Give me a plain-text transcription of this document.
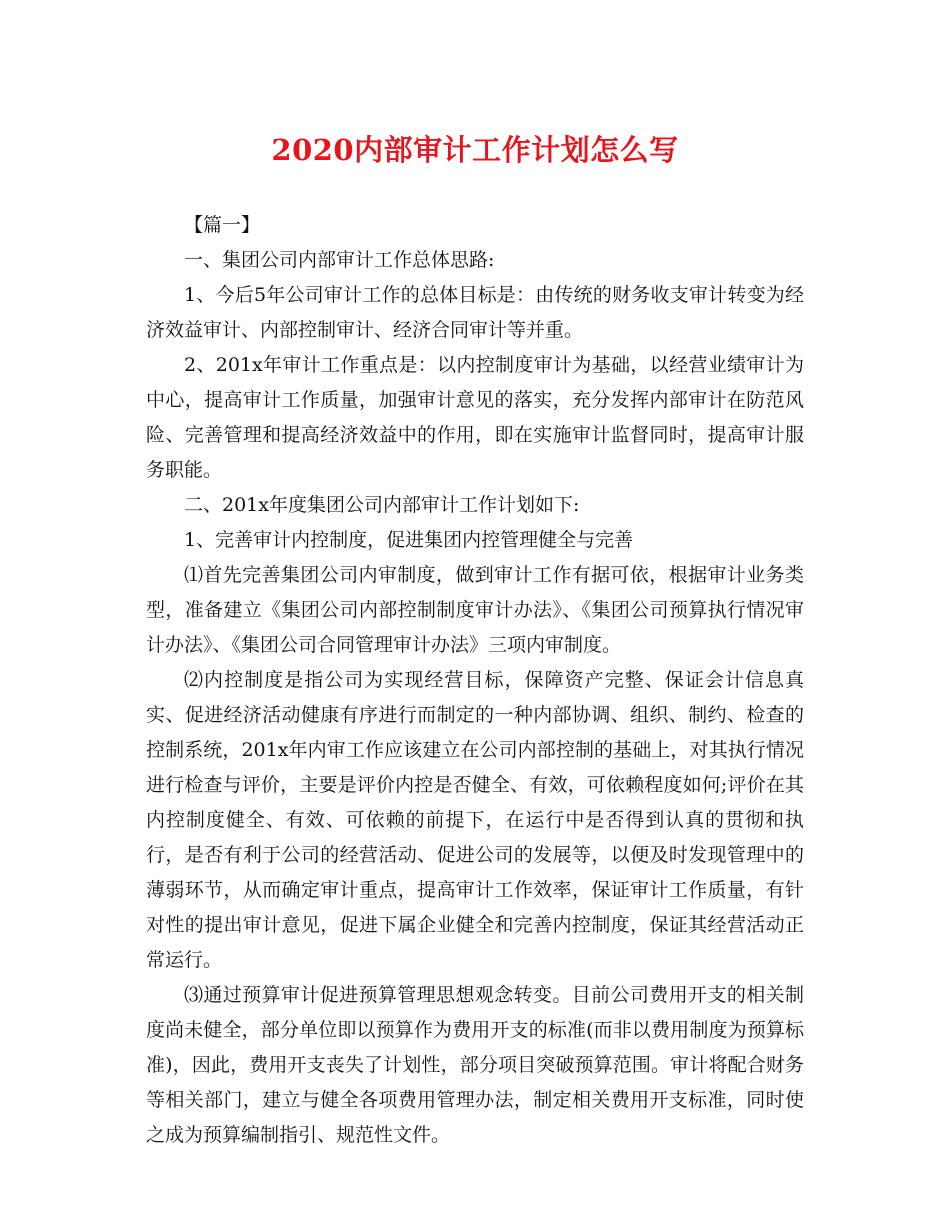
2020内部审计工作计划怎么写

【篇一】

一、集团公司内部审计工作总体思路:

1、今后5年公司审计工作的总体目标是：由传统的财务收支审计转变为经济效益审计、内部控制审计、经济合同审计等并重。

2、201x年审计工作重点是：以内控制度审计为基础，以经营业绩审计为中心，提高审计工作质量，加强审计意见的落实，充分发挥内部审计在防范风险、完善管理和提高经济效益中的作用，即在实施审计监督同时，提高审计服务职能。

二、201x年度集团公司内部审计工作计划如下:

1、完善审计内控制度，促进集团内控管理健全与完善

⑴首先完善集团公司内审制度，做到审计工作有据可依，根据审计业务类型，准备建立《集团公司内部控制制度审计办法》、《集团公司预算执行情况审计办法》、《集团公司合同管理审计办法》三项内审制度。

⑵内控制度是指公司为实现经营目标，保障资产完整、保证会计信息真实、促进经济活动健康有序进行而制定的一种内部协调、组织、制约、检查的控制系统，201x年内审工作应该建立在公司内部控制的基础上，对其执行情况进行检查与评价，主要是评价内控是否健全、有效，可依赖程度如何;评价在其内控制度健全、有效、可依赖的前提下，在运行中是否得到认真的贯彻和执行，是否有利于公司的经营活动、促进公司的发展等，以便及时发现管理中的薄弱环节，从而确定审计重点，提高审计工作效率，保证审计工作质量，有针对性的提出审计意见，促进下属企业健全和完善内控制度，保证其经营活动正常运行。

⑶通过预算审计促进预算管理思想观念转变。目前公司费用开支的相关制度尚未健全，部分单位即以预算作为费用开支的标准(而非以费用制度为预算标准)，因此，费用开支丧失了计划性，部分项目突破预算范围。审计将配合财务等相关部门，建立与健全各项费用管理办法，制定相关费用开支标准，同时使之成为预算编制指引、规范性文件。
